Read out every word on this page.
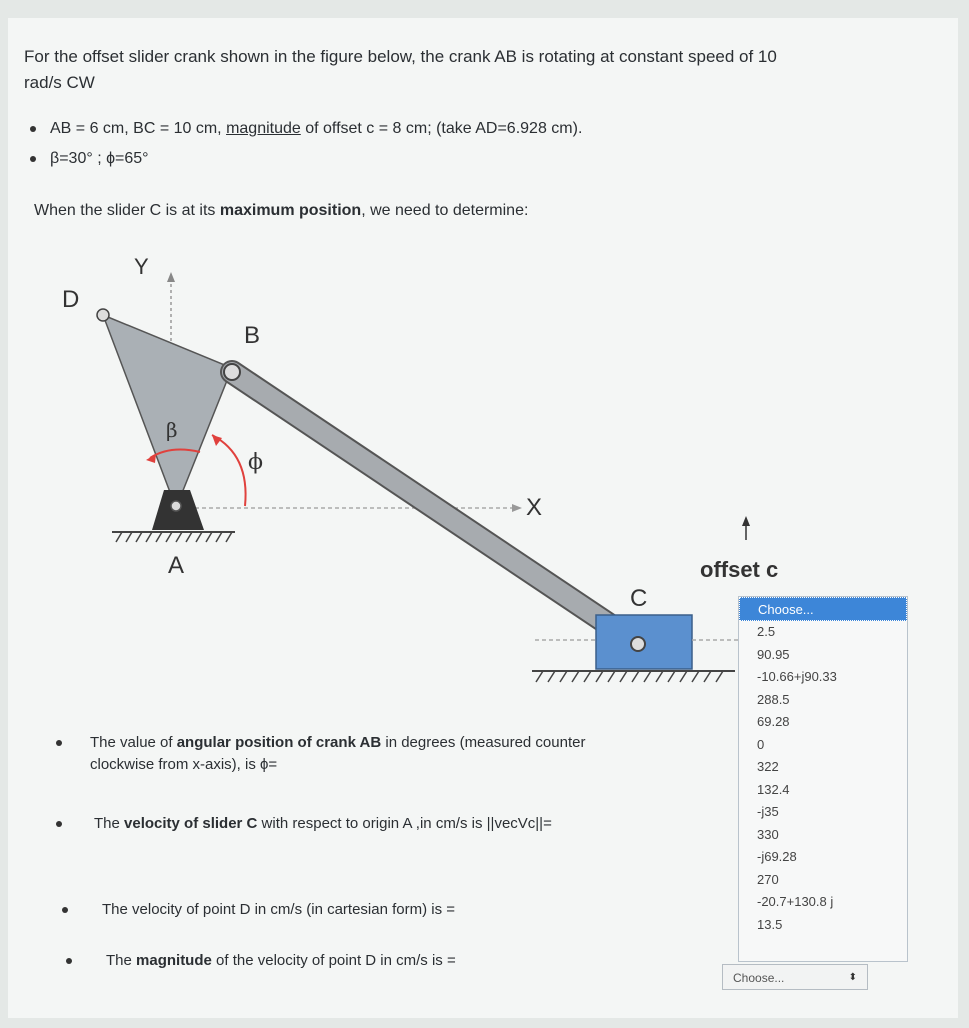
For the offset slider crank shown in the figure below, the crank AB is rotating at constant speed of 10

rad/s CW

AB = 6 cm, BC = 10 cm, magnitude of offset c = 8 cm; (take AD=6.928 cm).
β=30° ; ϕ=65°
When the slider C is at its maximum position, we need to determine:
Y
D
B
β
ϕ
X
A
C
offset c
The value of angular position of crank AB in degrees (measured counter
clockwise from x-axis), is ϕ=
The velocity of slider C with respect to origin A ,in cm/s is ||vecVc||=
The velocity of point D in cm/s (in cartesian form) is =
The magnitude of the velocity of point D in cm/s is =
Choose...
2.5
90.95
-10.66+j90.33
288.5
69.28
0
322
132.4
-j35
330
-j69.28
270
-20.7+130.8 j
13.5
Choose...	⬍
